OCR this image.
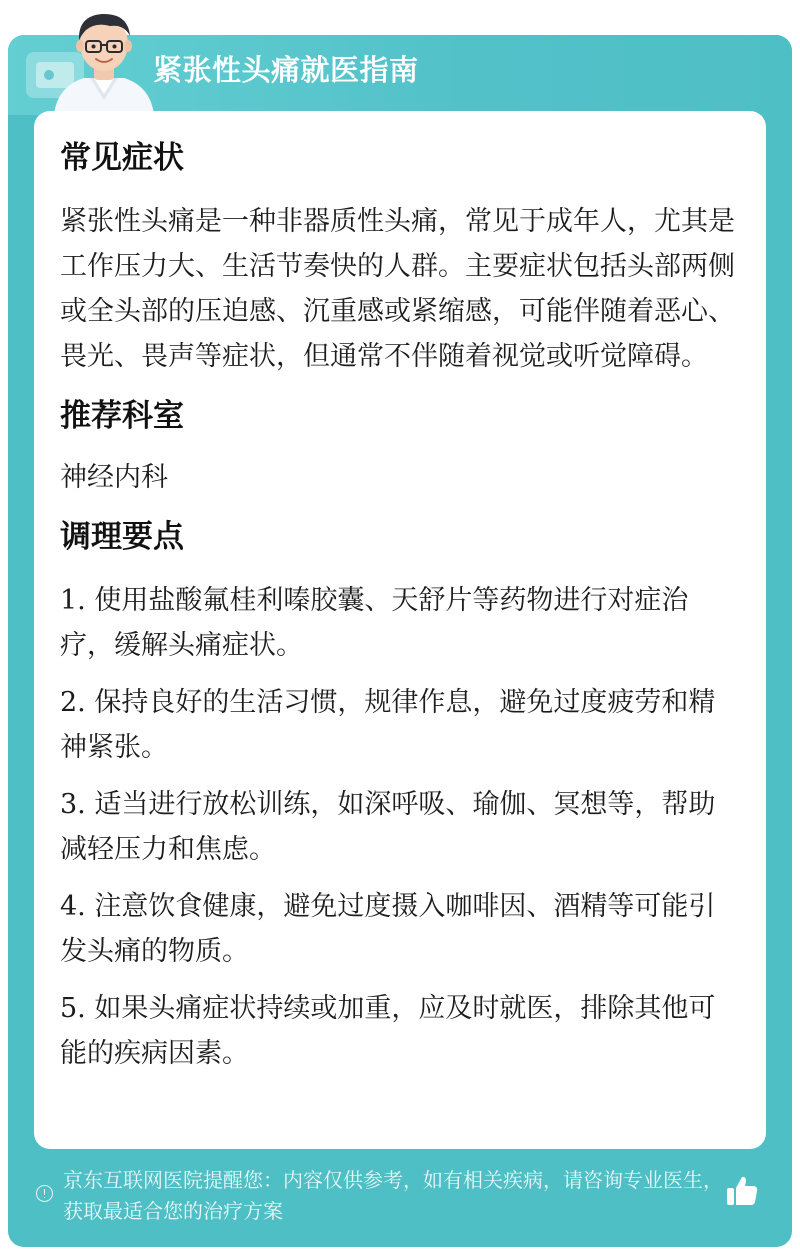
紧张性头痛就医指南
常见症状

紧张性头痛是一种非器质性头痛，常见于成年人，尤其是工作压力大、生活节奏快的人群。主要症状包括头部两侧或全头部的压迫感、沉重感或紧缩感，可能伴随着恶心、畏光、畏声等症状，但通常不伴随着视觉或听觉障碍。

推荐科室

神经内科

调理要点

1. 使用盐酸氟桂利嗪胶囊、天舒片等药物进行对症治疗，缓解头痛症状。

2. 保持良好的生活习惯，规律作息，避免过度疲劳和精神紧张。

3. 适当进行放松训练，如深呼吸、瑜伽、冥想等，帮助减轻压力和焦虑。

4. 注意饮食健康，避免过度摄入咖啡因、酒精等可能引发头痛的物质。

5. 如果头痛症状持续或加重，应及时就医，排除其他可能的疾病因素。

京东互联网医院提醒您：内容仅供参考，如有相关疾病，请咨询专业医生，获取最适合您的治疗方案
